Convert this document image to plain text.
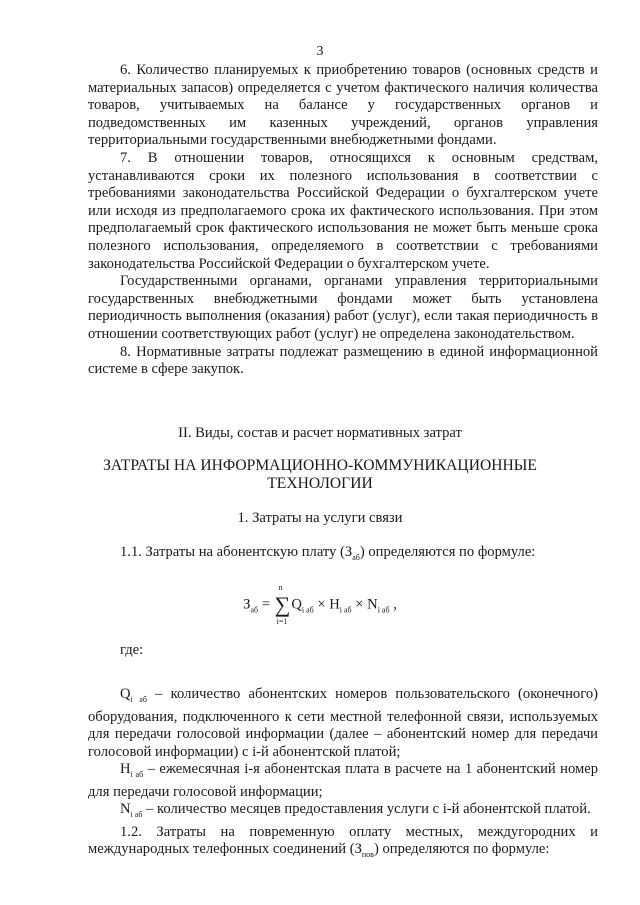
3

6. Количество планируемых к приобретению товаров (основных средств и материальных запасов) определяется с учетом фактического наличия количества товаров, учитываемых на балансе у государственных органов и подведомственных им казенных учреждений, органов управления территориальными государственными внебюджетными фондами.

7. В отношении товаров, относящихся к основным средствам, устанавливаются сроки их полезного использования в соответствии с требованиями законодательства Российской Федерации о бухгалтерском учете или исходя из предполагаемого срока их фактического использования. При этом предполагаемый срок фактического использования не может быть меньше срока полезного использования, определяемого в соответствии с требованиями законодательства Российской Федерации о бухгалтерском учете.

Государственными органами, органами управления территориальными государственных внебюджетными фондами может быть установлена периодичность выполнения (оказания) работ (услуг), если такая периодичность в отношении соответствующих работ (услуг) не определена законодательством.

8. Нормативные затраты подлежат размещению в единой информационной системе в сфере закупок.

II. Виды, состав и расчет нормативных затрат
ЗАТРАТЫ НА ИНФОРМАЦИОННО-КОММУНИКАЦИОННЫЕ
ТЕХНОЛОГИИ
1. Затраты на услуги связи

1.1. Затраты на абонентскую плату $(З_{аб})$ определяются по формуле:

$З_{аб}$ =
n
∑
i=1
$Q_{i аб} \times H_{i аб} \times N_{i аб}$ ,

где:

$Q_{i аб}$ – количество абонентских номеров пользовательского (оконечного) оборудования, подключенного к сети местной телефонной связи, используемых для передачи голосовой информации (далее – абонентский номер для передачи голосовой информации) с i-й абонентской платой;

$H_{i аб}$ – ежемесячная i-я абонентская плата в расчете на 1 абонентский номер для передачи голосовой информации;

$N_{i аб}$ – количество месяцев предоставления услуги с i-й абонентской платой.

1.2. Затраты на повременную оплату местных, междугородних и международных телефонных соединений $(З_{пов})$ определяются по формуле:
